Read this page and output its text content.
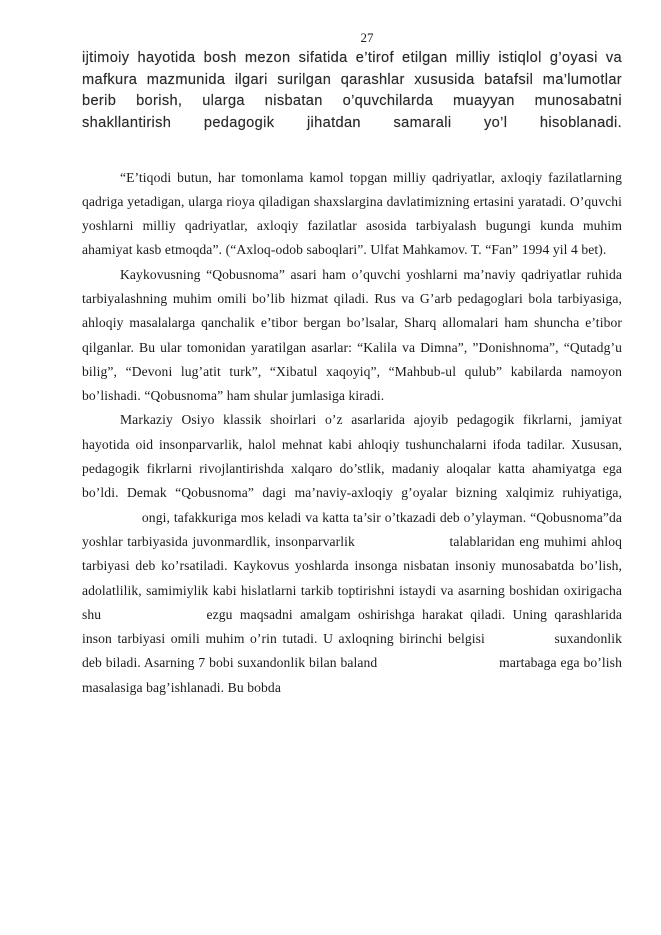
27
ijtimoiy hayotida bosh mezon sifatida e’tirof etilgan milliy istiqlol g’oyasi va mafkura mazmunida ilgari surilgan qarashlar xususida batafsil ma’lumotlar berib borish, ularga nisbatan o’quvchilarda muayyan munosabatni shakllantirish pedagogik jihatdan samarali yo’l hisoblanadi.

“E’tiqodi butun, har tomonlama kamol topgan milliy qadriyatlar, axloqiy fazilatlarning qadriga yetadigan, ularga rioya qiladigan shaxslargina davlatimizning ertasini yaratadi. O’quvchi yoshlarni milliy qadriyatlar, axloqiy fazilatlar asosida tarbiyalash bugungi kunda muhim ahamiyat kasb etmoqda”. (“Axloq-odob saboqlari”. Ulfat Mahkamov. T. “Fan” 1994 yil 4 bet).

Kaykovusning “Qobusnoma” asari ham o’quvchi yoshlarni ma’naviy qadriyatlar ruhida tarbiyalashning muhim omili bo’lib hizmat qiladi. Rus va G’arb pedagoglari bola tarbiyasiga, ahloqiy masalalarga qanchalik e’tibor bergan bo’lsalar, Sharq allomalari ham shuncha e’tibor qilganlar. Bu ular tomonidan yaratilgan asarlar: “Kalila va Dimna”, ”Donishnoma”, “Qutadg’u bilig”, “Devoni lug’atit turk”, “Xibatul xaqoyiq”, “Mahbub-ul qulub” kabilarda namoyon bo’lishadi. “Qobusnoma” ham shular jumlasiga kiradi.

Markaziy Osiyo klassik shoirlari o’z asarlarida ajoyib pedagogik fikrlarni, jamiyat hayotida oid insonparvarlik, halol mehnat kabi ahloqiy tushunchalarni ifoda tadilar. Xususan, pedagogik fikrlarni rivojlantirishda xalqaro do’stlik, madaniy aloqalar katta ahamiyatga ega bo’ldi. Demak “Qobusnoma” dagi ma’naviy-axloqiy g’oyalar bizning xalqimiz ruhiyatiga, ongi, tafakkuriga mos keladi va katta ta’sir o’tkazadi deb o’ylayman. “Qobusnoma”da yoshlar tarbiyasida juvonmardlik, insonparvarlik	talablaridan eng muhimi ahloq tarbiyasi deb ko’rsatiladi. Kaykovus yoshlarda insonga nisbatan insoniy munosabatda bo’lish, adolatlilik, samimiylik kabi hislatlarni tarkib toptirishni istaydi va asarning boshidan oxirigacha shu	ezgu maqsadni amalgam oshirishga harakat qiladi. Uning qarashlarida inson tarbiyasi omili muhim o’rin tutadi. U axloqning birinchi belgisi	suxandonlik deb biladi. Asarning 7 bobi suxandonlik bilan baland	martabaga ega bo’lish masalasiga bag’ishlanadi. Bu bobda
